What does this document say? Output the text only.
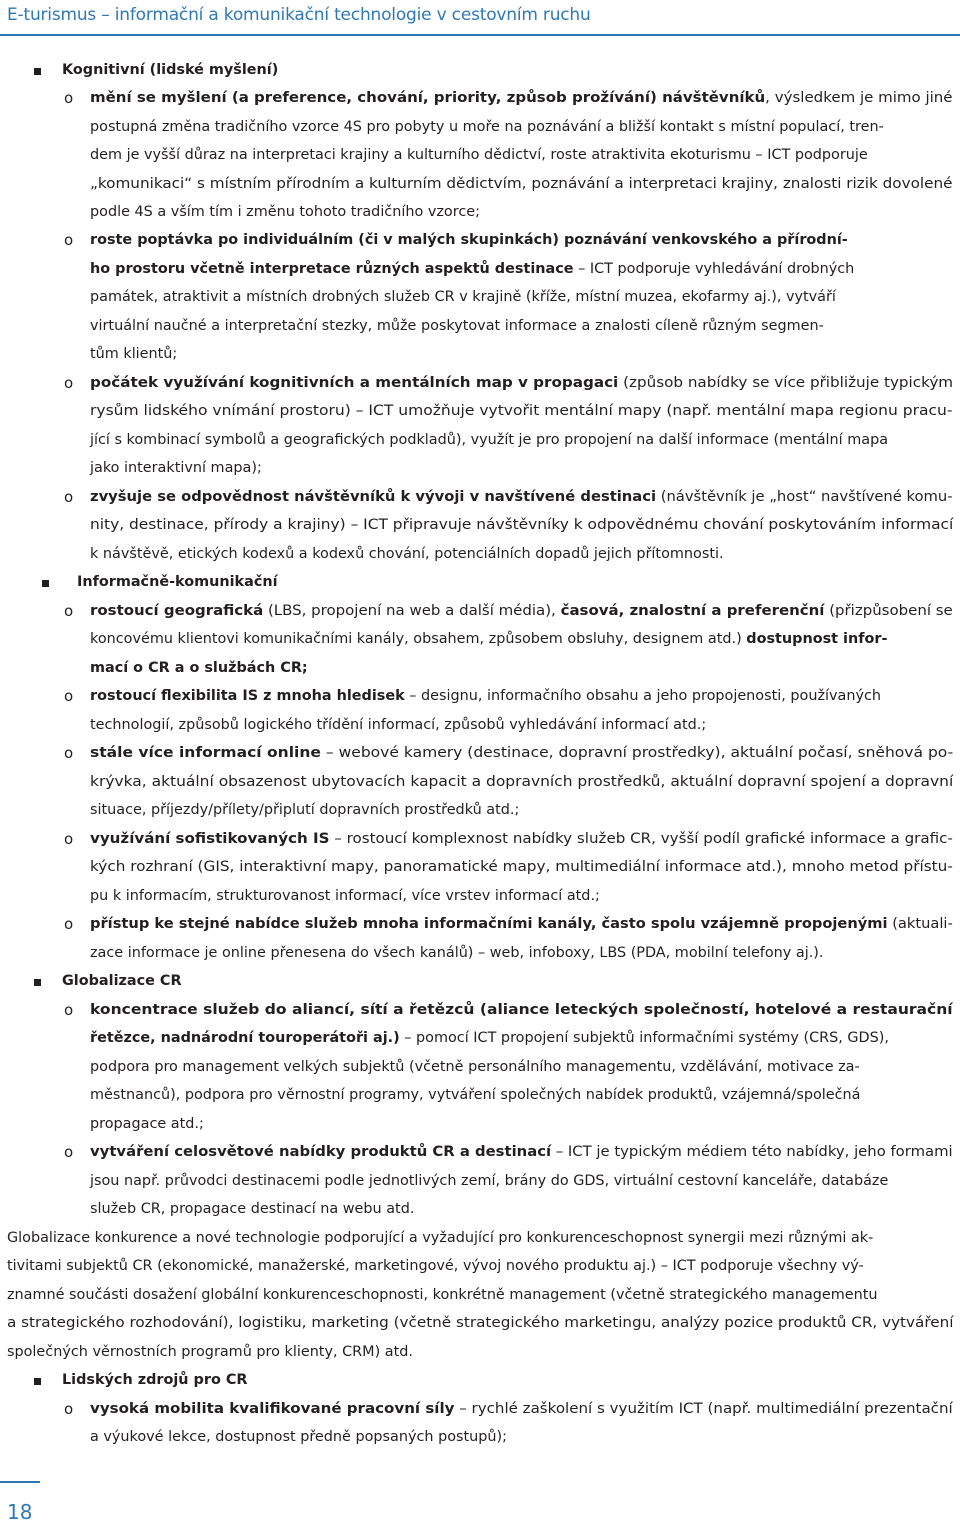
E-turismus – informační a komunikační technologie v cestovním ruchu
Kognitivní (lidské myšlení)
o mění se myšlení (a preference, chování, priority, způsob prožívání) návštěvníků, výsledkem je mimo jiné
postupná změna tradičního vzorce 4S pro pobyty u moře na poznávání a bližší kontakt s místní populací, tren-
dem je vyšší důraz na interpretaci krajiny a kulturního dědictví, roste atraktivita ekoturismu – ICT podporuje
„komunikaci“ s místním přírodním a kulturním dědictvím, poznávání a interpretaci krajiny, znalosti rizik dovolené
podle 4S a vším tím i změnu tohoto tradičního vzorce;
o roste poptávka po individuálním (či v malých skupinkách) poznávání venkovského a přírodní-
ho prostoru včetně interpretace různých aspektů destinace – ICT podporuje vyhledávání drobných
památek, atraktivit a místních drobných služeb CR v krajině (kříže, místní muzea, ekofarmy aj.), vytváří
virtuální naučné a interpretační stezky, může poskytovat informace a znalosti cíleně různým segmen-
tům klientů;
o počátek využívání kognitivních a mentálních map v propagaci (způsob nabídky se více přibližuje typickým
rysům lidského vnímání prostoru) – ICT umožňuje vytvořit mentální mapy (např. mentální mapa regionu pracu-
jící s kombinací symbolů a geografických podkladů), využít je pro propojení na další informace (mentální mapa
jako interaktivní mapa);
o zvyšuje se odpovědnost návštěvníků k vývoji v navštívené destinaci (návštěvník je „host“ navštívené komu-
nity, destinace, přírody a krajiny) – ICT připravuje návštěvníky k odpovědnému chování poskytováním informací
k návštěvě, etických kodexů a kodexů chování, potenciálních dopadů jejich přítomnosti.
Informačně-komunikační
o rostoucí geografická (LBS, propojení na web a další média), časová, znalostní a preferenční (přizpůsobení se
koncovému klientovi komunikačními kanály, obsahem, způsobem obsluhy, designem atd.) dostupnost infor-
mací o CR a o službách CR;
o rostoucí flexibilita IS z mnoha hledisek – designu, informačního obsahu a jeho propojenosti, používaných
technologií, způsobů logického třídění informací, způsobů vyhledávání informací atd.;
o stále více informací online – webové kamery (destinace, dopravní prostředky), aktuální počasí, sněhová po-
krývka, aktuální obsazenost ubytovacích kapacit a dopravních prostředků, aktuální dopravní spojení a dopravní
situace, příjezdy/přílety/připlutí dopravních prostředků atd.;
o využívání sofistikovaných IS – rostoucí komplexnost nabídky služeb CR, vyšší podíl grafické informace a grafic-
kých rozhraní (GIS, interaktivní mapy, panoramatické mapy, multimediální informace atd.), mnoho metod přístu-
pu k informacím, strukturovanost informací, více vrstev informací atd.;
o přístup ke stejné nabídce služeb mnoha informačními kanály, často spolu vzájemně propojenými (aktuali-
zace informace je online přenesena do všech kanálů) – web, infoboxy, LBS (PDA, mobilní telefony aj.).
Globalizace CR
o koncentrace služeb do aliancí, sítí a řetězců (aliance leteckých společností, hotelové a restaurační
řetězce, nadnárodní touroperátoři aj.) – pomocí ICT propojení subjektů informačními systémy (CRS, GDS),
podpora pro management velkých subjektů (včetně personálního managementu, vzdělávání, motivace za-
městnanců), podpora pro věrnostní programy, vytváření společných nabídek produktů, vzájemná/společná
propagace atd.;
o vytváření celosvětové nabídky produktů CR a destinací – ICT je typickým médiem této nabídky, jeho formami
jsou např. průvodci destinacemi podle jednotlivých zemí, brány do GDS, virtuální cestovní kanceláře, databáze
služeb CR, propagace destinací na webu atd.
Globalizace konkurence a nové technologie podporující a vyžadující pro konkurenceschopnost synergii mezi různými ak-
tivitami subjektů CR (ekonomické, manažerské, marketingové, vývoj nového produktu aj.) – ICT podporuje všechny vý-
znamné součásti dosažení globální konkurenceschopnosti, konkrétně management (včetně strategického managementu
a strategického rozhodování), logistiku, marketing (včetně strategického marketingu, analýzy pozice produktů CR, vytváření
společných věrnostních programů pro klienty, CRM) atd.
Lidských zdrojů pro CR
o vysoká mobilita kvalifikované pracovní síly – rychlé zaškolení s využitím ICT (např. multimediální prezentační
a výukové lekce, dostupnost předně popsaných postupů);
18
